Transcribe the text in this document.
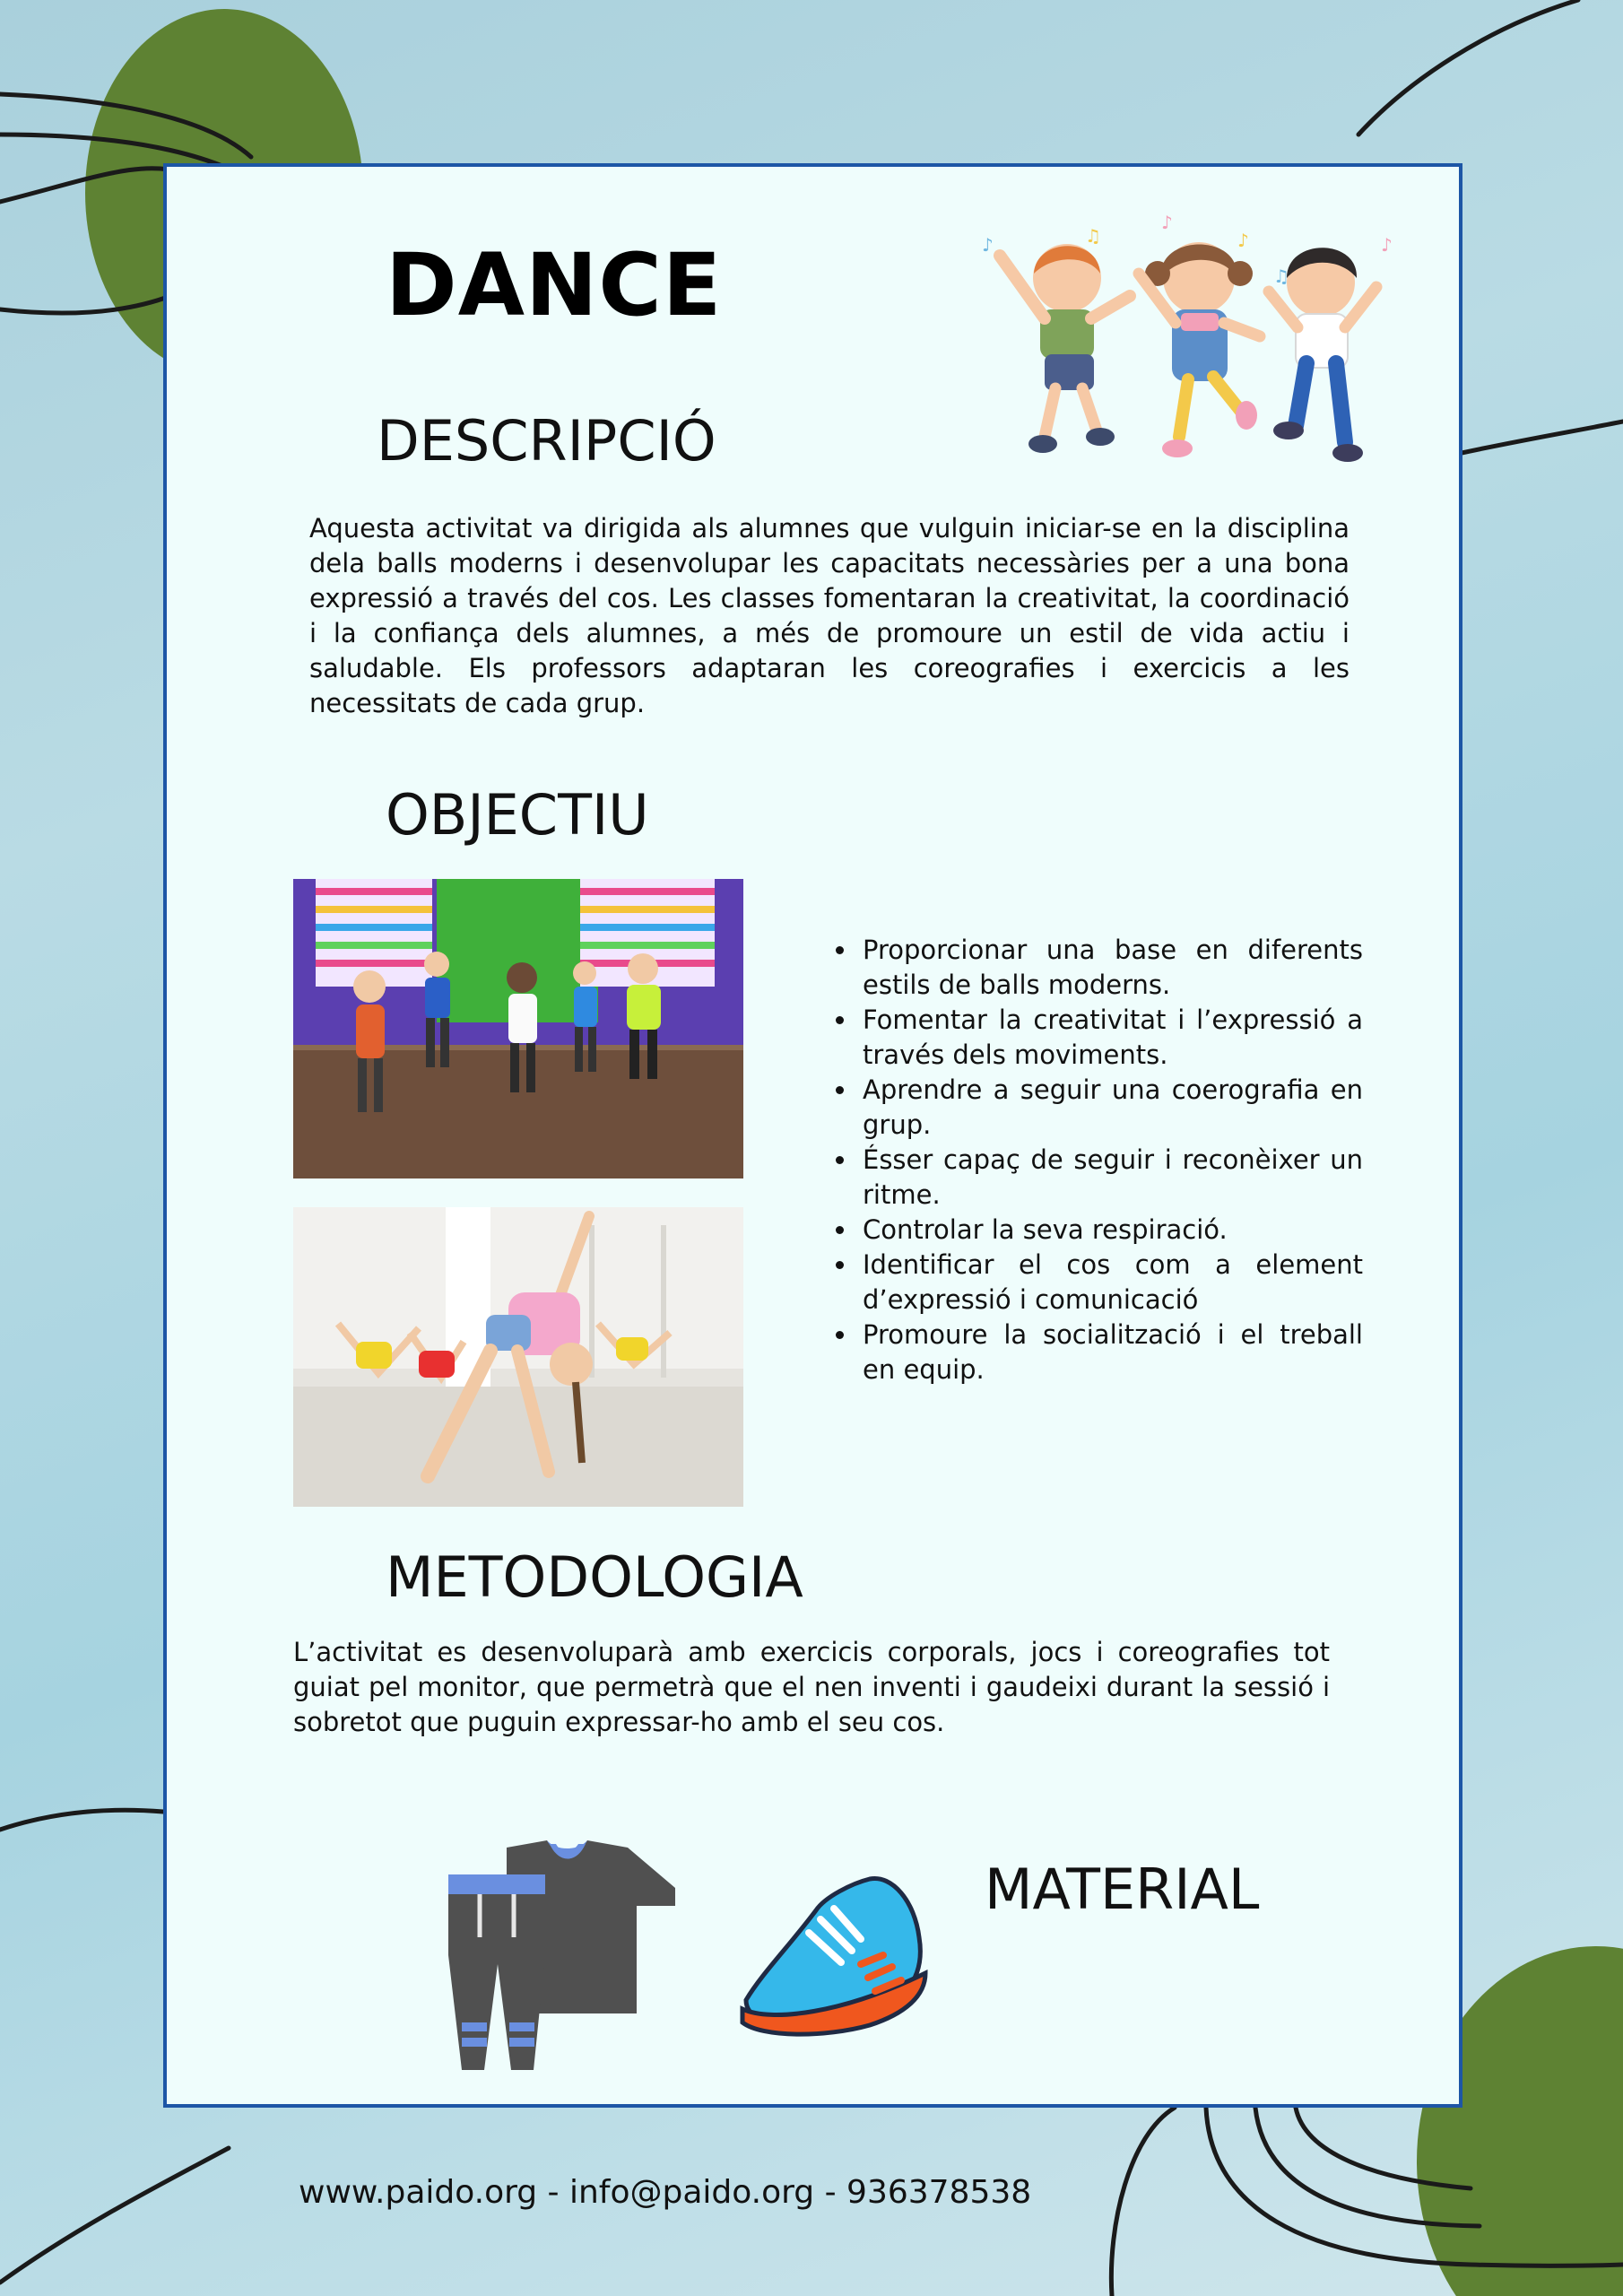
DANCE	♪	♫
♪
♪
♫
♪
DESCRIPCIÓ

Aquesta activitat va dirigida als alumnes que vulguin iniciar-se en la disciplina dela balls moderns i desenvolupar les capacitats necessàries per a una bona expressió a través del cos. Les classes fomentaran la creativitat, la coordinació i la confiança dels alumnes, a més de promoure un estil de vida actiu i saludable. Els professors adaptaran les coreografies i exercicis a les necessitats de cada grup.

OBJECTIU
Proporcionar una base en diferents estils de balls moderns.
Fomentar la creativitat i l’expressió a través dels moviments.
Aprendre a seguir una coerografia en grup.
Ésser capaç de seguir i reconèixer un ritme.
Controlar la seva respiració.
Identificar el cos com a element d’expressió i comunicació
Promoure la socialització i el treball en equip.
METODOLOGIA

L’activitat es desenvoluparà amb exercicis corporals, jocs i coreografies tot guiat pel monitor, que permetrà que el nen inventi i gaudeixi durant la sessió i sobretot que puguin expressar-ho amb el seu cos.

MATERIAL

www.paido.org - info@paido.org - 936378538
